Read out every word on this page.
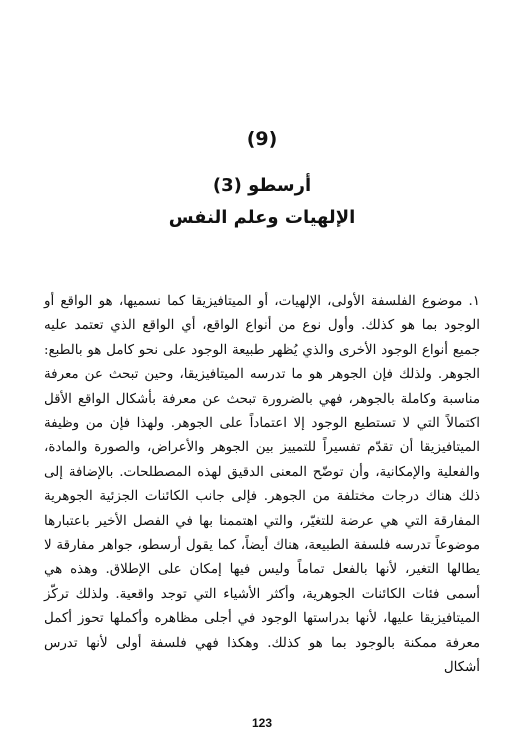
(9)
أرسطو (3)
الإلهيات وعلم النفس

١. موضوع الفلسفة الأولى، الإلهيات، أو الميتافيزيقا كما نسميها، هو الواقع أو الوجود بما هو كذلك. وأول نوع من أنواع الواقع، أي الواقع الذي تعتمد عليه جميع أنواع الوجود الأخرى والذي يُظهر طبيعة الوجود على نحو كامل هو بالطبع: الجوهر. ولذلك فإن الجوهر هو ما تدرسه الميتافيزيقا، وحين تبحث عن معرفة مناسبة وكاملة بالجوهر، فهي بالضرورة تبحث عن معرفة بأشكال الواقع الأقل اكتمالاً التي لا تستطيع الوجود إلا اعتماداً على الجوهر. ولهذا فإن من وظيفة الميتافيزيقا أن تقدّم تفسيراً للتمييز بين الجوهر والأعراض، والصورة والمادة، والفعلية والإمكانية، وأن توضّح المعنى الدقيق لهذه المصطلحات. بالإضافة إلى ذلك هناك درجات مختلفة من الجوهر. فإلى جانب الكائنات الجزئية الجوهرية المفارقة التي هي عرضة للتغيّر، والتي اهتممنا بها في الفصل الأخير باعتبارها موضوعاً تدرسه فلسفة الطبيعة، هناك أيضاً، كما يقول أرسطو، جواهر مفارقة لا يطالها التغير، لأنها بالفعل تماماً وليس فيها إمكان على الإطلاق. وهذه هي أسمى فئات الكائنات الجوهرية، وأكثر الأشياء التي توجد واقعية. ولذلك تركّز الميتافيزيقا عليها، لأنها بدراستها الوجود في أجلى مظاهره وأكملها تحوز أكمل معرفة ممكنة بالوجود بما هو كذلك. وهكذا فهي فلسفة أولى لأنها تدرس أشكال

123
